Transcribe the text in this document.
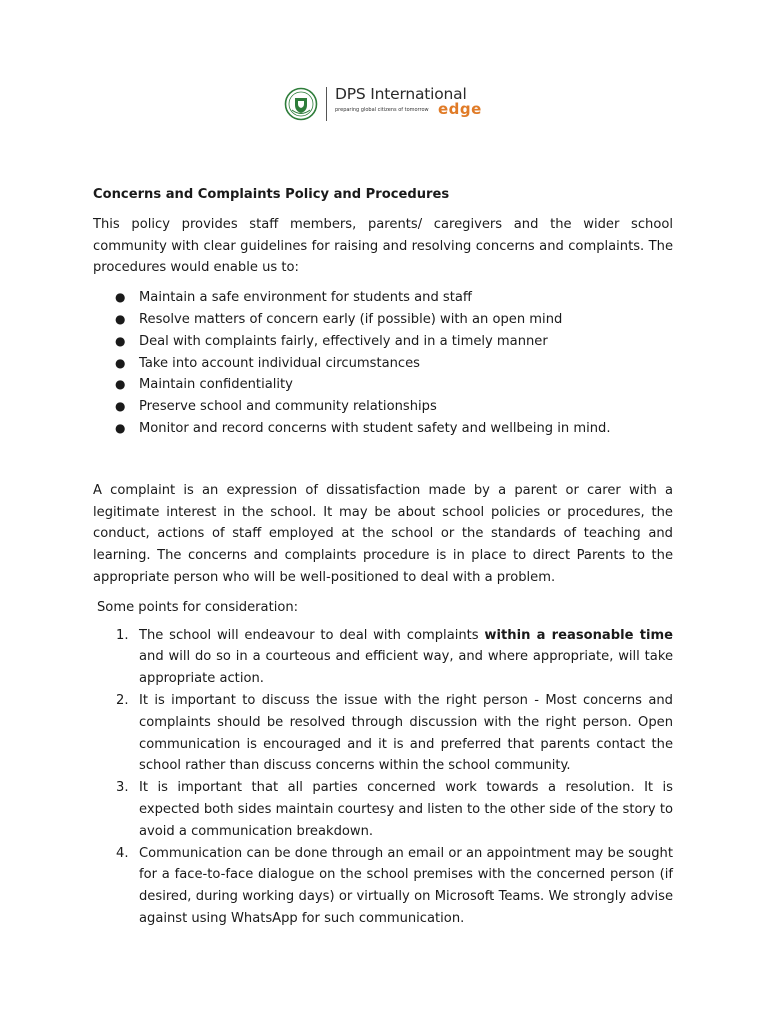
DPS International
preparing global citizens of tomorrow edge

Concerns and Complaints Policy and Procedures

This policy provides staff members, parents/ caregivers and the wider school community with clear guidelines for raising and resolving concerns and complaints. The procedures would enable us to:

● Maintain a safe environment for students and staff
● Resolve matters of concern early (if possible) with an open mind
● Deal with complaints fairly, effectively and in a timely manner
● Take into account individual circumstances
● Maintain confidentiality
● Preserve school and community relationships
● Monitor and record concerns with student safety and wellbeing in mind.

A complaint is an expression of dissatisfaction made by a parent or carer with a legitimate interest in the school. It may be about school policies or procedures, the conduct, actions of staff employed at the school or the standards of teaching and learning. The concerns and complaints procedure is in place to direct Parents to the appropriate person who will be well-positioned to deal with a problem.

Some points for consideration:

1. The school will endeavour to deal with complaints within a reasonable time and will do so in a courteous and efficient way, and where appropriate, will take appropriate action.
2. It is important to discuss the issue with the right person - Most concerns and complaints should be resolved through discussion with the right person. Open communication is encouraged and it is and preferred that parents contact the school rather than discuss concerns within the school community.
3. It is important that all parties concerned work towards a resolution. It is expected both sides maintain courtesy and listen to the other side of the story to avoid a communication breakdown.
4. Communication can be done through an email or an appointment may be sought for a face-to-face dialogue on the school premises with the concerned person (if desired, during working days) or virtually on Microsoft Teams. We strongly advise against using WhatsApp for such communication.
